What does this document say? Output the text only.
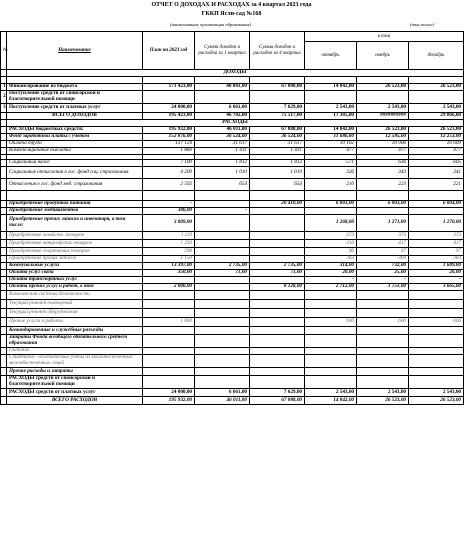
ОТЧЕТ О ДОХОДАХ И РАСХОДАХ за 4 квартал 2023 года
ГККП Ясли-сад №168
(наименование организации образования)	(тыс.тенге)
№	Наименование	План на 2023 год	Сумма доходов и расходов за 1 квартал	Сумма доходов и расходов за 4 квартал	в том		
					октябрь	ноябрь	декабрь
	ДОХОДЫ						

1	Финансирование из бюджета	171 423,00	40 041,00	67 888,00	14 842,00	26 523,00	26 523,00
2	Поступление средств от спонсорской и благотворительной помощи						
3	Поступление средств от платных услуг	24 000,00	6 661,00	7 629,00	2 543,00	2 543,00	2 543,00
	ВСЕГО ДОХОДОВ	195 423,00	46 702,00	75 517,00	17 385,00	##########	29 066,00
	РАСХОДЫ						
	РАСХОДЫ бюджетных средств:	195 932,00	46 011,00	67 888,00	14 842,00	26 523,00	26 523,00
	Фонд заработной платы с учетом	152 876,00	36 524,00	36 524,00	11 686,00	12 585,00	12 253,00
	Оплата труда	137 124	31 617	31 617	10 102	10 906	10 609
	Компенсационные выплаты	1 860	1 431	1 431	477	477	477

	Социальный налог	7 100	1 812	1 812	571	636	605
	Социальные отчисления в гос. фонд соц. страхования	4 200	1 010	1 010	326	343	341
	Отчисления в гос. фонд мед. страхования	2 592	654	654	210	223	221

	Приобретение продуктов питания	-		20 410,00	6 803,00	6 803,00	6 804,00
	Приобретение медикаментов	300,00	-				
	Приобретение прочих запасов и инвентаря, в том числе:	3 809,00			1 268,00	1 271,00	1 270,00
	Приобретение хозяйств. товаров	1 119			373	373	373
	Приобретение канцелярских товаров	1 250			416	417	417
	Приобретение спортивных товаров	290			96	97	97
	Приобретение прочих запасов	1 150			383	384	383
	Коммунальные услуги	13 397,00	2 735,00	2 735,00	314,00	732,00	1 689,00
	Оплата услуг связи	350,00	71,00	71,00	20,00	25,00	26,00
	Оплата транспортных услуг				-	-	-
	Оплата прочих услуг и работ, в том	2 000,00		8 128,00	2 712,00	1 751,00	3 665,00
	Комплексная система безопасности						
	Текущий ремонт помещений						
	Текущий ремонт оборудования						
	Прочие услуги и работы	1 800			600	600	600
	Командировочные и служебные разъезды						
	Затраты Фонда всеобщего обязательного среднего образования						
	Питание						
	Стипендии - оплачиваемые учебы из малообеспеченных малообеспеченных семей						
	Прочие расходы и затраты						
	РАСХОДЫ средств от спонсорской и благотворительной помощи						
	РАСХОДЫ средств от платных услуг	24 000,00	6 661,00	7 629,00	2 543,00	2 543,00	2 543,00
	ВСЕГО РАСХОДОВ	195 932,00	46 011,00	67 888,00	14 842,00	26 523,00	26 523,00
